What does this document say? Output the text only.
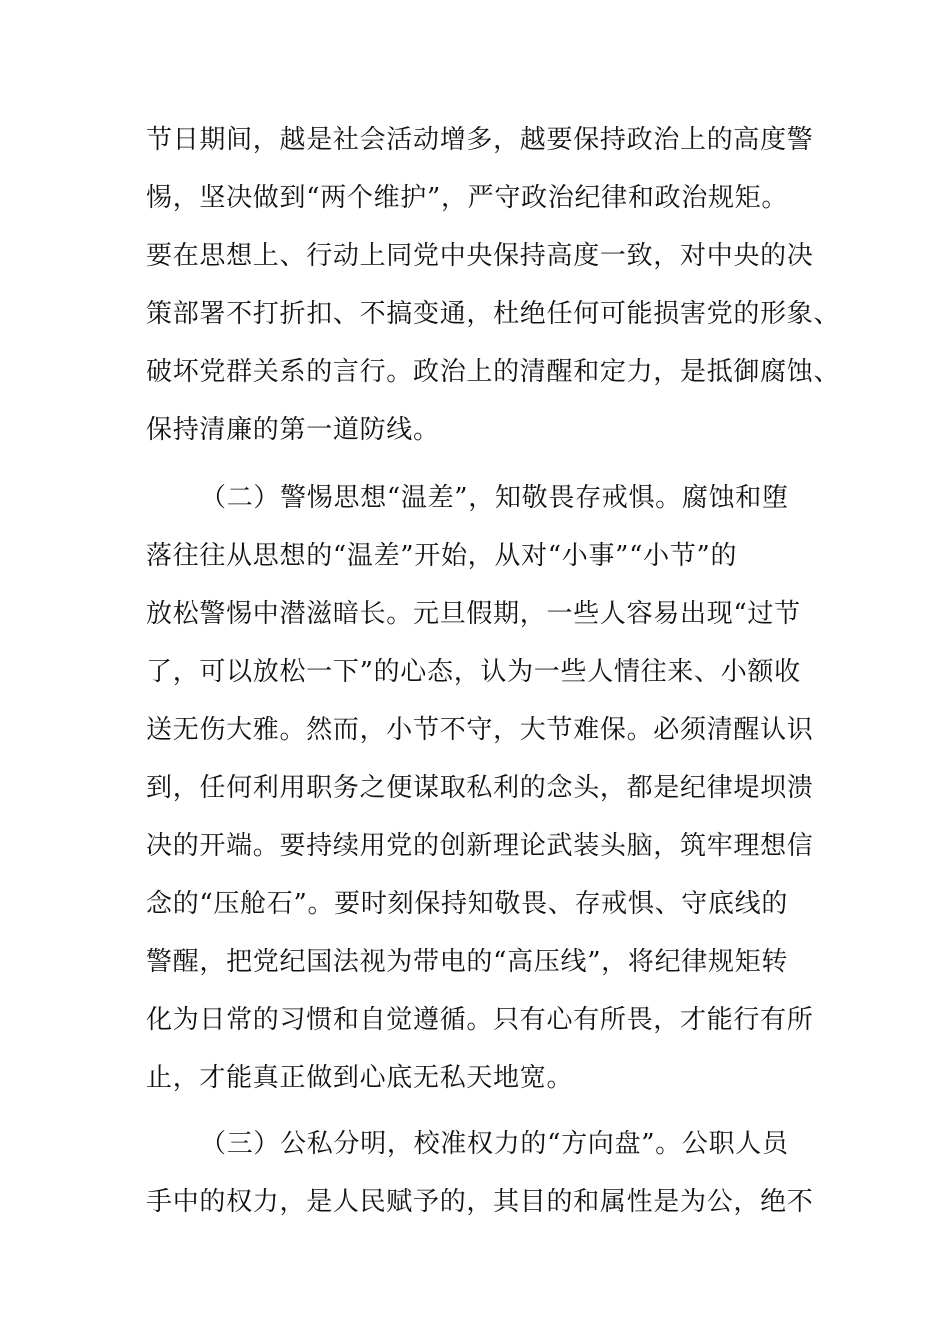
节日期间，越是社会活动增多，越要保持政治上的高度警

惕，坚决做到“两个维护”，严守政治纪律和政治规矩。

要在思想上、行动上同党中央保持高度一致，对中央的决

策部署不打折扣、不搞变通，杜绝任何可能损害党的形象、

破坏党群关系的言行。政治上的清醒和定力，是抵御腐蚀、

保持清廉的第一道防线。

（二）警惕思想“温差”，知敬畏存戒惧。腐蚀和堕

落往往从思想的“温差”开始，从对“小事”“小节”的

放松警惕中潜滋暗长。元旦假期，一些人容易出现“过节

了，可以放松一下”的心态，认为一些人情往来、小额收

送无伤大雅。然而，小节不守，大节难保。必须清醒认识

到，任何利用职务之便谋取私利的念头，都是纪律堤坝溃

决的开端。要持续用党的创新理论武装头脑，筑牢理想信

念的“压舱石”。要时刻保持知敬畏、存戒惧、守底线的

警醒，把党纪国法视为带电的“高压线”，将纪律规矩转

化为日常的习惯和自觉遵循。只有心有所畏，才能行有所

止，才能真正做到心底无私天地宽。

（三）公私分明，校准权力的“方向盘”。公职人员

手中的权力，是人民赋予的，其目的和属性是为公，绝不
